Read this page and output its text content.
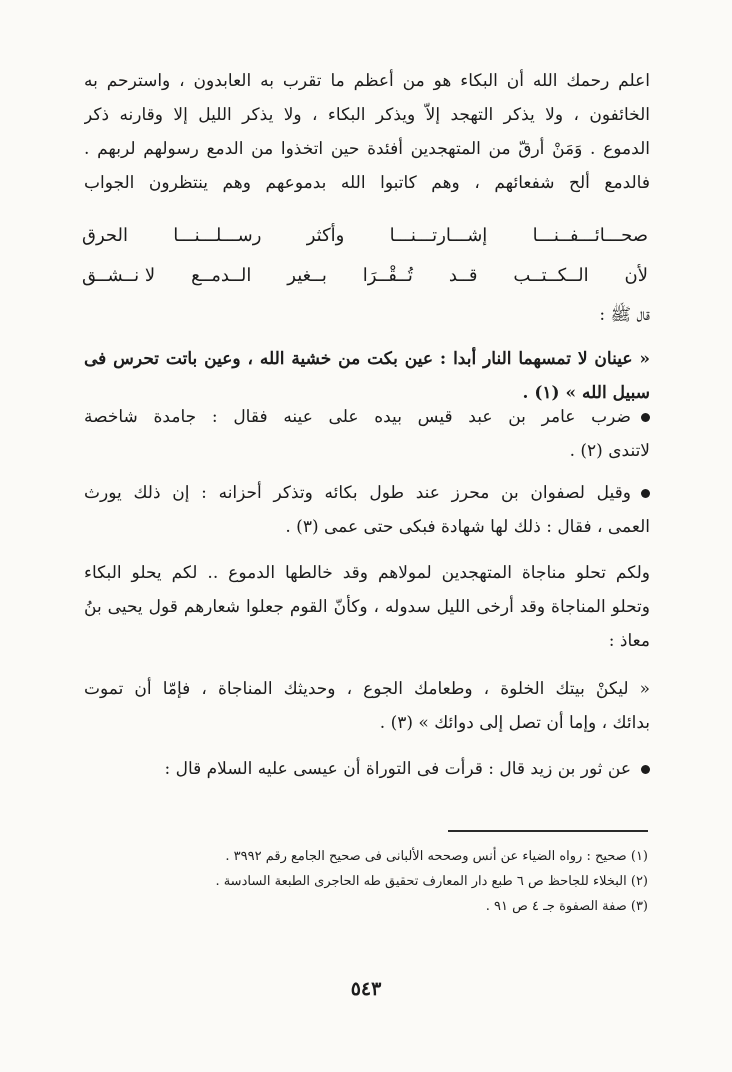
اعلم رحمك الله أن البكاء هو من أعظم ما تقرب به العابدون ، واسترحم به
الخائفون ، ولا يذكر التهجد إلاّ ويذكر البكاء ، ولا يذكر الليل إلا وقارنه ذكر
الدموع . وَمَنْ أرقّ من المتهجدين أفئدة حين اتخذوا من الدمع رسولهم لربهم .
فالدمع ألح شفعائهم ، وهم كاتبوا الله بدموعهم وهم ينتظرون الجواب
صحـــائـــفــنـــا
إشـــارتـــنـــا
وأكثر
رســـلـــنـــا
الحرق
لأن
الــكــتــب
قــد
تُــقْــرَا
بــغير
الــدمــع
لا نــشــق
قال ﷺ :
« عينان لا تمسهما النار أبدا : عين بكت من خشية الله ، وعين باتت تحرس فى
سبيل الله » (١) .
ضرب عامر بن عبد قيس بيده على عينه فقال : جامدة شاخصة
لاتندى (٢) .
وقيل لصفوان بن محرز عند طول بكائه وتذكر أحزانه : إن ذلك يورث
العمى ، فقال : ذلك لها شهادة فبكى حتى عمى (٣) .
ولكم تحلو مناجاة المتهجدين لمولاهم وقد خالطها الدموع .. لكم يحلو البكاء
وتحلو المناجاة وقد أرخى الليل سدوله ، وكأنّ القوم جعلوا شعارهم قول يحيى بنُ
معاذ :
« ليكنْ بيتك الخلوة ، وطعامك الجوع ، وحديثك المناجاة ، فإمّا أن تموت
بدائك ، وإما أن تصل إلى دوائك » (٣) .
عن ثور بن زيد قال : قرأت فى التوراة أن عيسى عليه السلام قال :
(١) صحيح : رواه الضياء عن أنس وصححه الألبانى فى صحيح الجامع رقم ٣٩٩٢ .
(٢) البخلاء للجاحظ ص ٦ طبع دار المعارف تحقيق طه الحاجرى الطبعة السادسة .
(٣) صفة الصفوة جـ ٤ ص ٩١ .
٥٤٣
